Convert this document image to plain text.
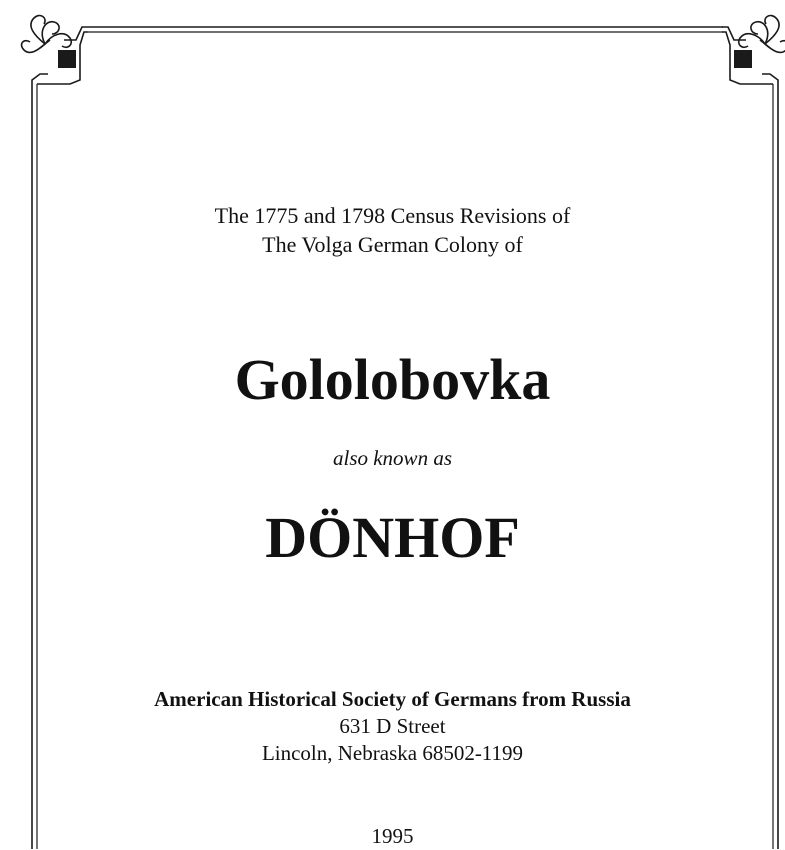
The 1775 and 1798 Census Revisions of
The Volga German Colony of
Gololobovka
also known as
DÖNHOF
American Historical Society of Germans from Russia
631 D Street
Lincoln, Nebraska 68502-1199
1995
